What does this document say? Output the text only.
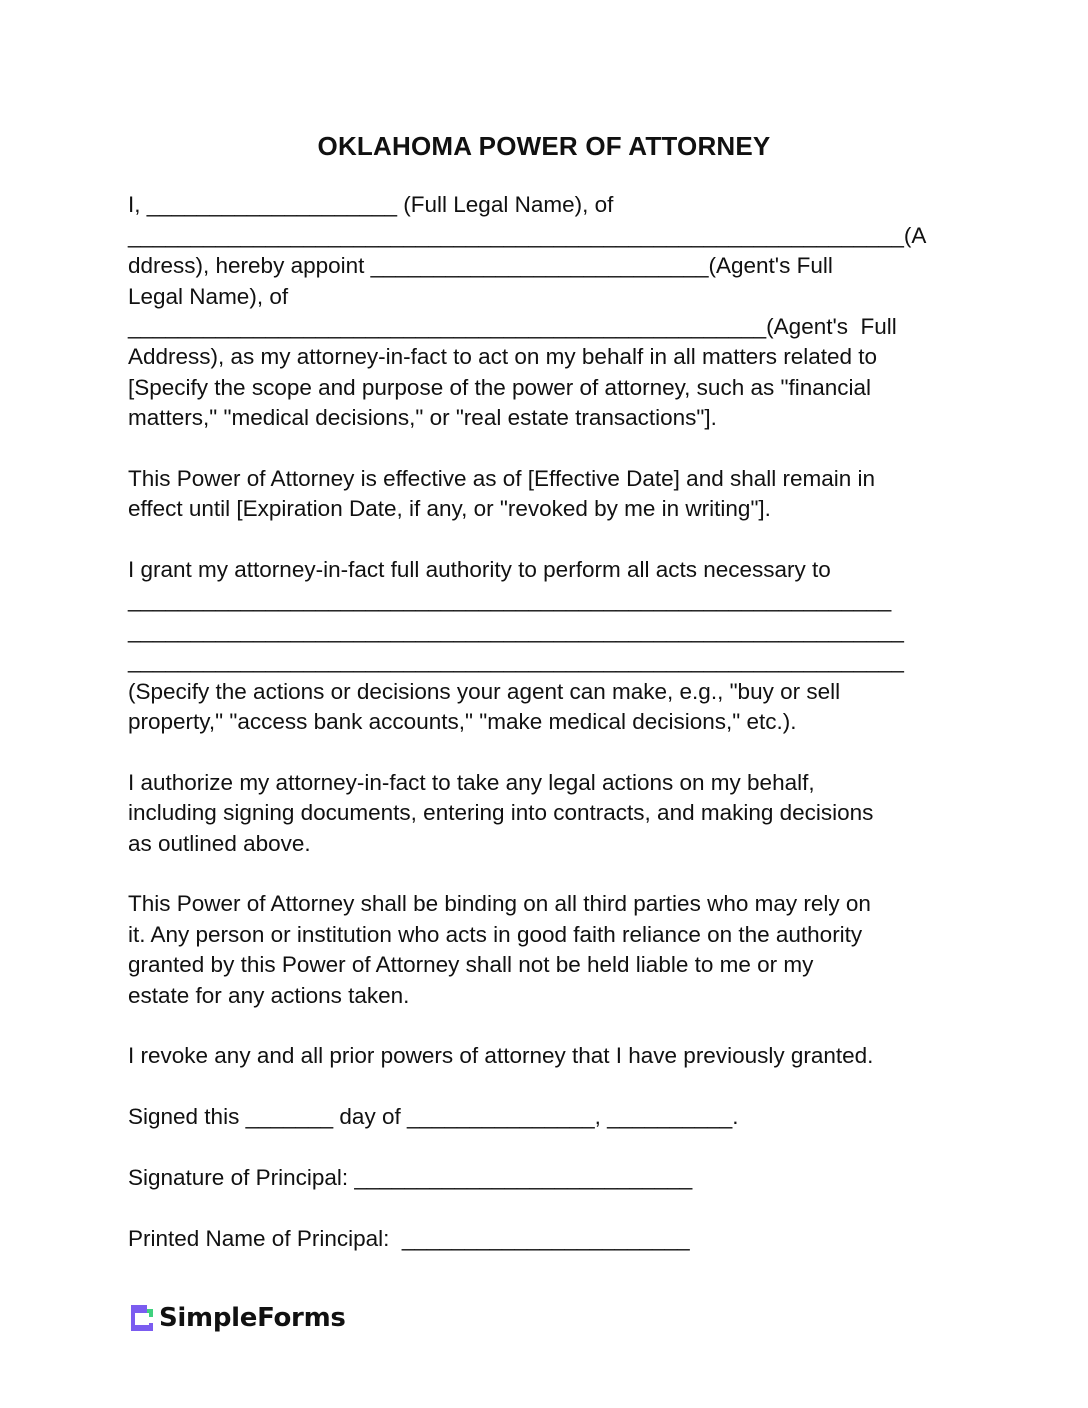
OKLAHOMA POWER OF ATTORNEY
I, ____________________ (Full Legal Name), of
______________________________________________________________(A
ddress), hereby appoint ___________________________(Agent's Full
Legal Name), of
___________________________________________________(Agent's  Full
Address), as my attorney-in-fact to act on my behalf in all matters related to
[Specify the scope and purpose of the power of attorney, such as "financial
matters," "medical decisions," or "real estate transactions"].
This Power of Attorney is effective as of [Effective Date] and shall remain in
effect until [Expiration Date, if any, or "revoked by me in writing"].
I grant my attorney-in-fact full authority to perform all acts necessary to
_____________________________________________________________
______________________________________________________________
______________________________________________________________
(Specify the actions or decisions your agent can make, e.g., "buy or sell
property," "access bank accounts," "make medical decisions," etc.).
I authorize my attorney-in-fact to take any legal actions on my behalf,
including signing documents, entering into contracts, and making decisions
as outlined above.
This Power of Attorney shall be binding on all third parties who may rely on
it. Any person or institution who acts in good faith reliance on the authority
granted by this Power of Attorney shall not be held liable to me or my
estate for any actions taken.
I revoke any and all prior powers of attorney that I have previously granted.
Signed this _______ day of _______________, __________.
Signature of Principal: ___________________________
Printed Name of Principal:  _______________________
SimpleForms
